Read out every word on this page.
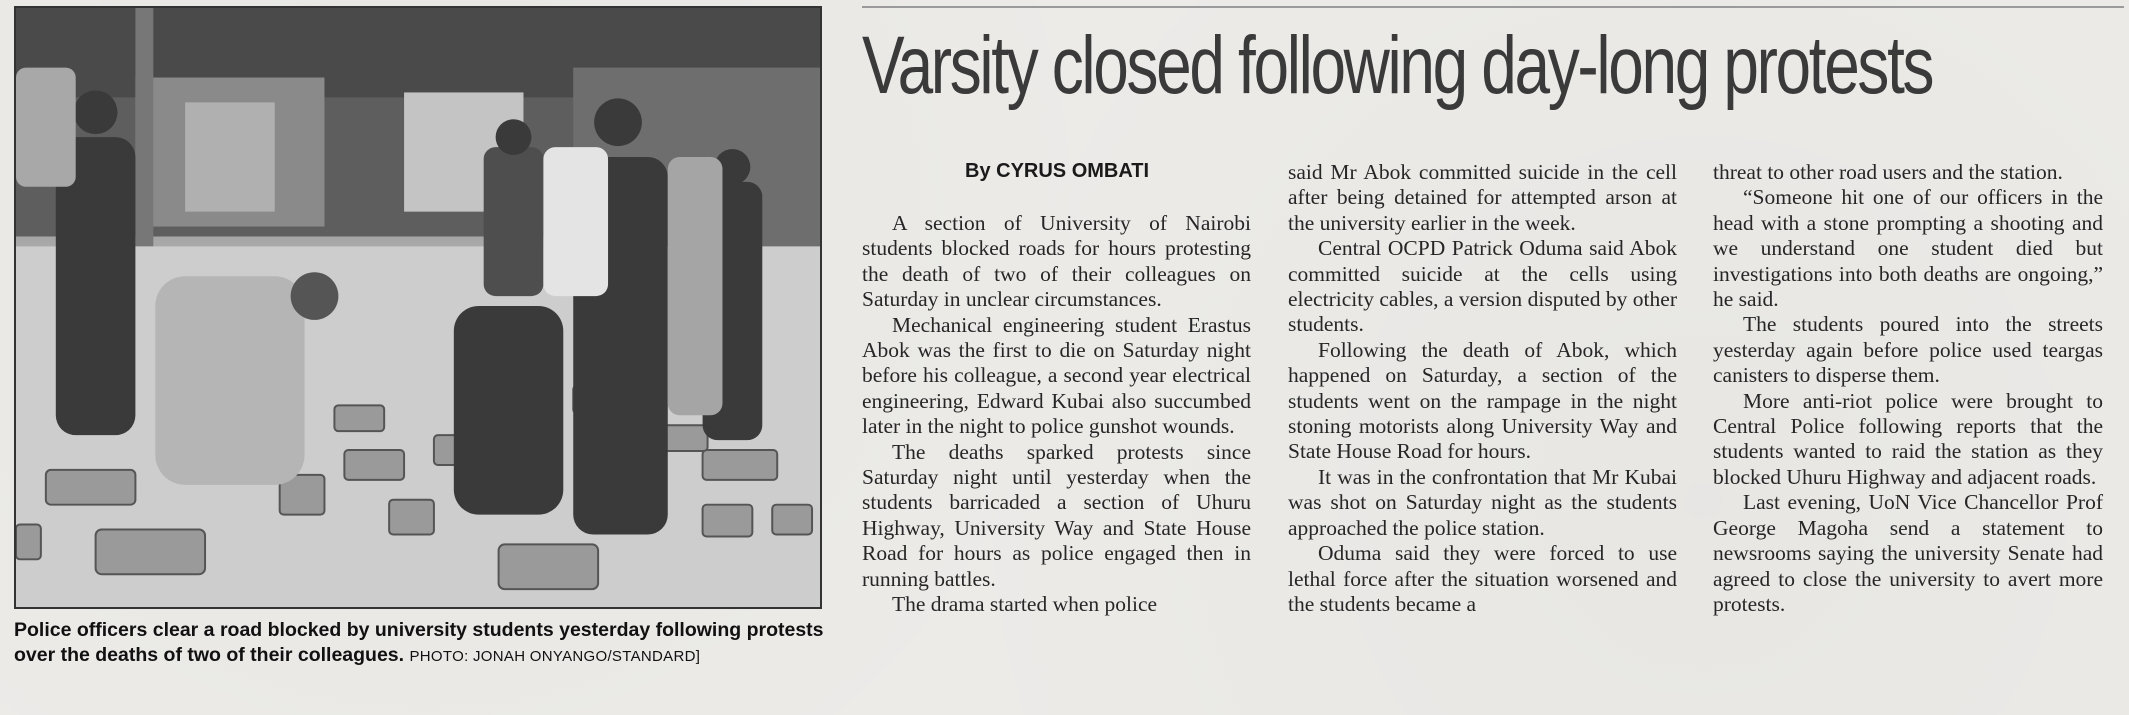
Police officers clear a road blocked by university students yesterday following protests over the deaths of two of their colleagues. PHOTO: JONAH ONYANGO/STANDARD]
Varsity closed following day-long protests
By CYRUS OMBATI

A section of University of Nairobi students blocked roads for hours protesting the death of two of their colleagues on Saturday in unclear circumstances.

Mechanical engineering student Erastus Abok was the first to die on Saturday night before his colleague, a second year electrical engineering, Edward Kubai also succumbed later in the night to police gunshot wounds.

The deaths sparked protests since Saturday night until yesterday when the students barricaded a section of Uhuru Highway, University Way and State House Road for hours as police engaged then in running battles.

The drama started when police

said Mr Abok committed suicide in the cell after being detained for attempted arson at the university earlier in the week.

Central OCPD Patrick Oduma said Abok committed suicide at the cells using electricity cables, a version disputed by other students.

Following the death of Abok, which happened on Saturday, a section of the students went on the rampage in the night stoning motorists along University Way and State House Road for hours.

It was in the confrontation that Mr Kubai was shot on Saturday night as the students approached the police station.

Oduma said they were forced to use lethal force after the situation worsened and the students became a

threat to other road users and the station.

“Someone hit one of our officers in the head with a stone prompting a shooting and we understand one student died but investigations into both deaths are ongoing,” he said.

The students poured into the streets yesterday again before police used teargas canisters to disperse them.

More anti-riot police were brought to Central Police following reports that the students wanted to raid the station as they blocked Uhuru Highway and adjacent roads.

Last evening, UoN Vice Chancellor Prof George Magoha send a statement to newsrooms saying the university Senate had agreed to close the university to avert more protests.
